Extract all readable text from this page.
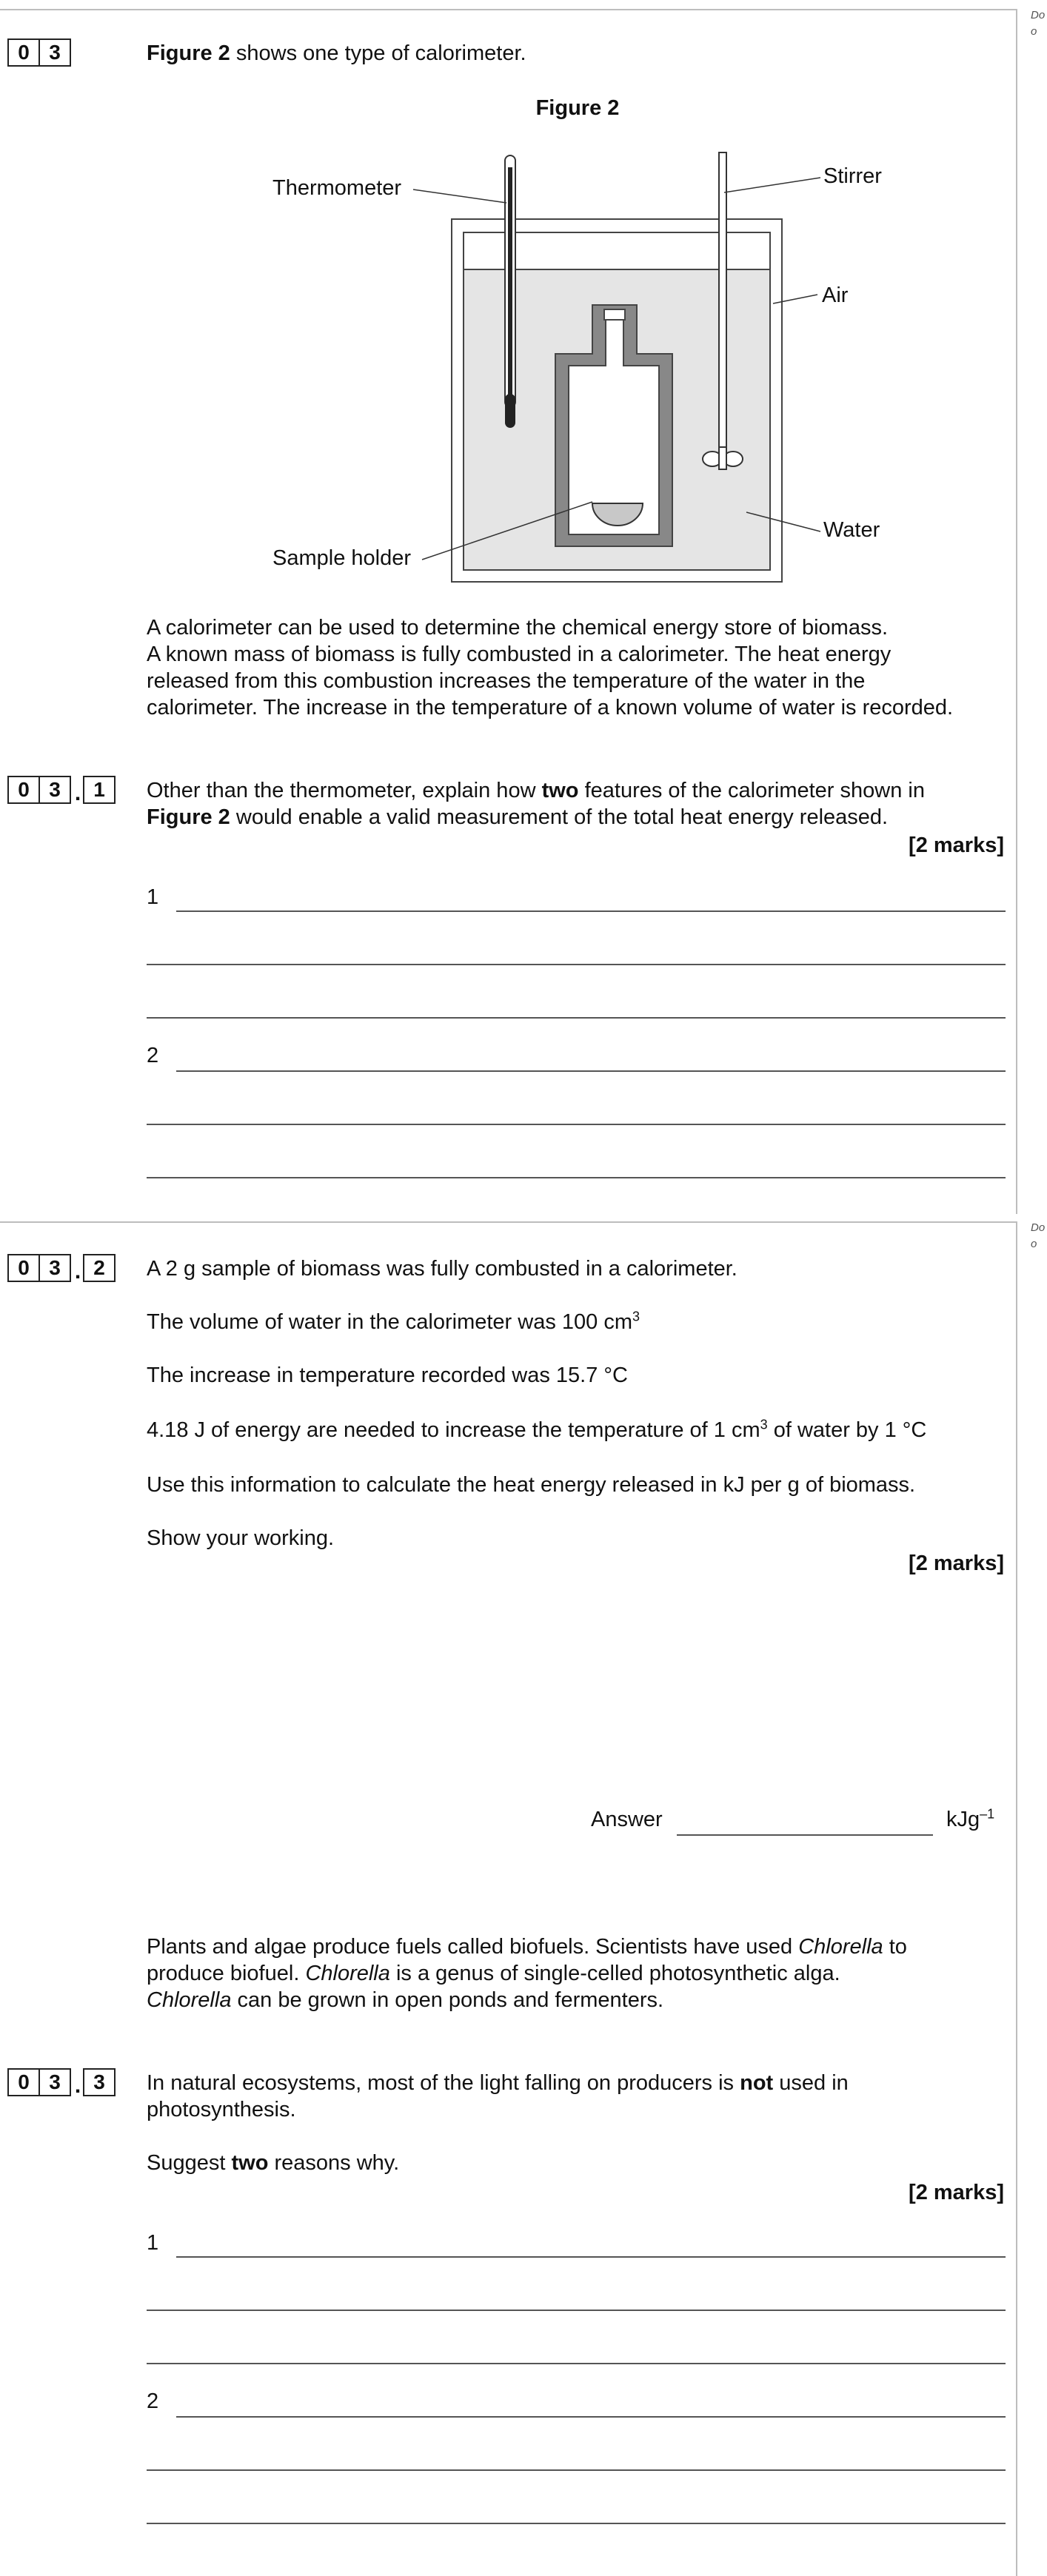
Do
o
Do
o
0 3	Figure 2 shows one type of calorimeter.
Figure 2
Thermometer	Stirrer
Air
Water
Sample holder
A calorimeter can be used to determine the chemical energy store of biomass.
A known mass of biomass is fully combusted in a calorimeter. The heat energy
released from this combustion increases the temperature of the water in the
calorimeter. The increase in the temperature of a known volume of water is recorded.
0 3 . 1	Other than the thermometer, explain how two features of the calorimeter shown in
Figure 2 would enable a valid measurement of the total heat energy released.
[2 marks]
1
2
0 3 . 2	A 2 g sample of biomass was fully combusted in a calorimeter.
The volume of water in the calorimeter was 100 $cm^3$
The increase in temperature recorded was 15.7 °C
4.18 J of energy are needed to increase the temperature of 1 $cm^3$ of water by 1 °C
Use this information to calculate the heat energy released in kJ per g of biomass.
Show your working.
[2 marks]
Answer	kJg$^{-1}$
Plants and algae produce fuels called biofuels. Scientists have used Chlorella to
produce biofuel. Chlorella is a genus of single-celled photosynthetic alga.
Chlorella can be grown in open ponds and fermenters.
0 3 . 3	In natural ecosystems, most of the light falling on producers is not used in
photosynthesis.
Suggest two reasons why.
[2 marks]
1
2
